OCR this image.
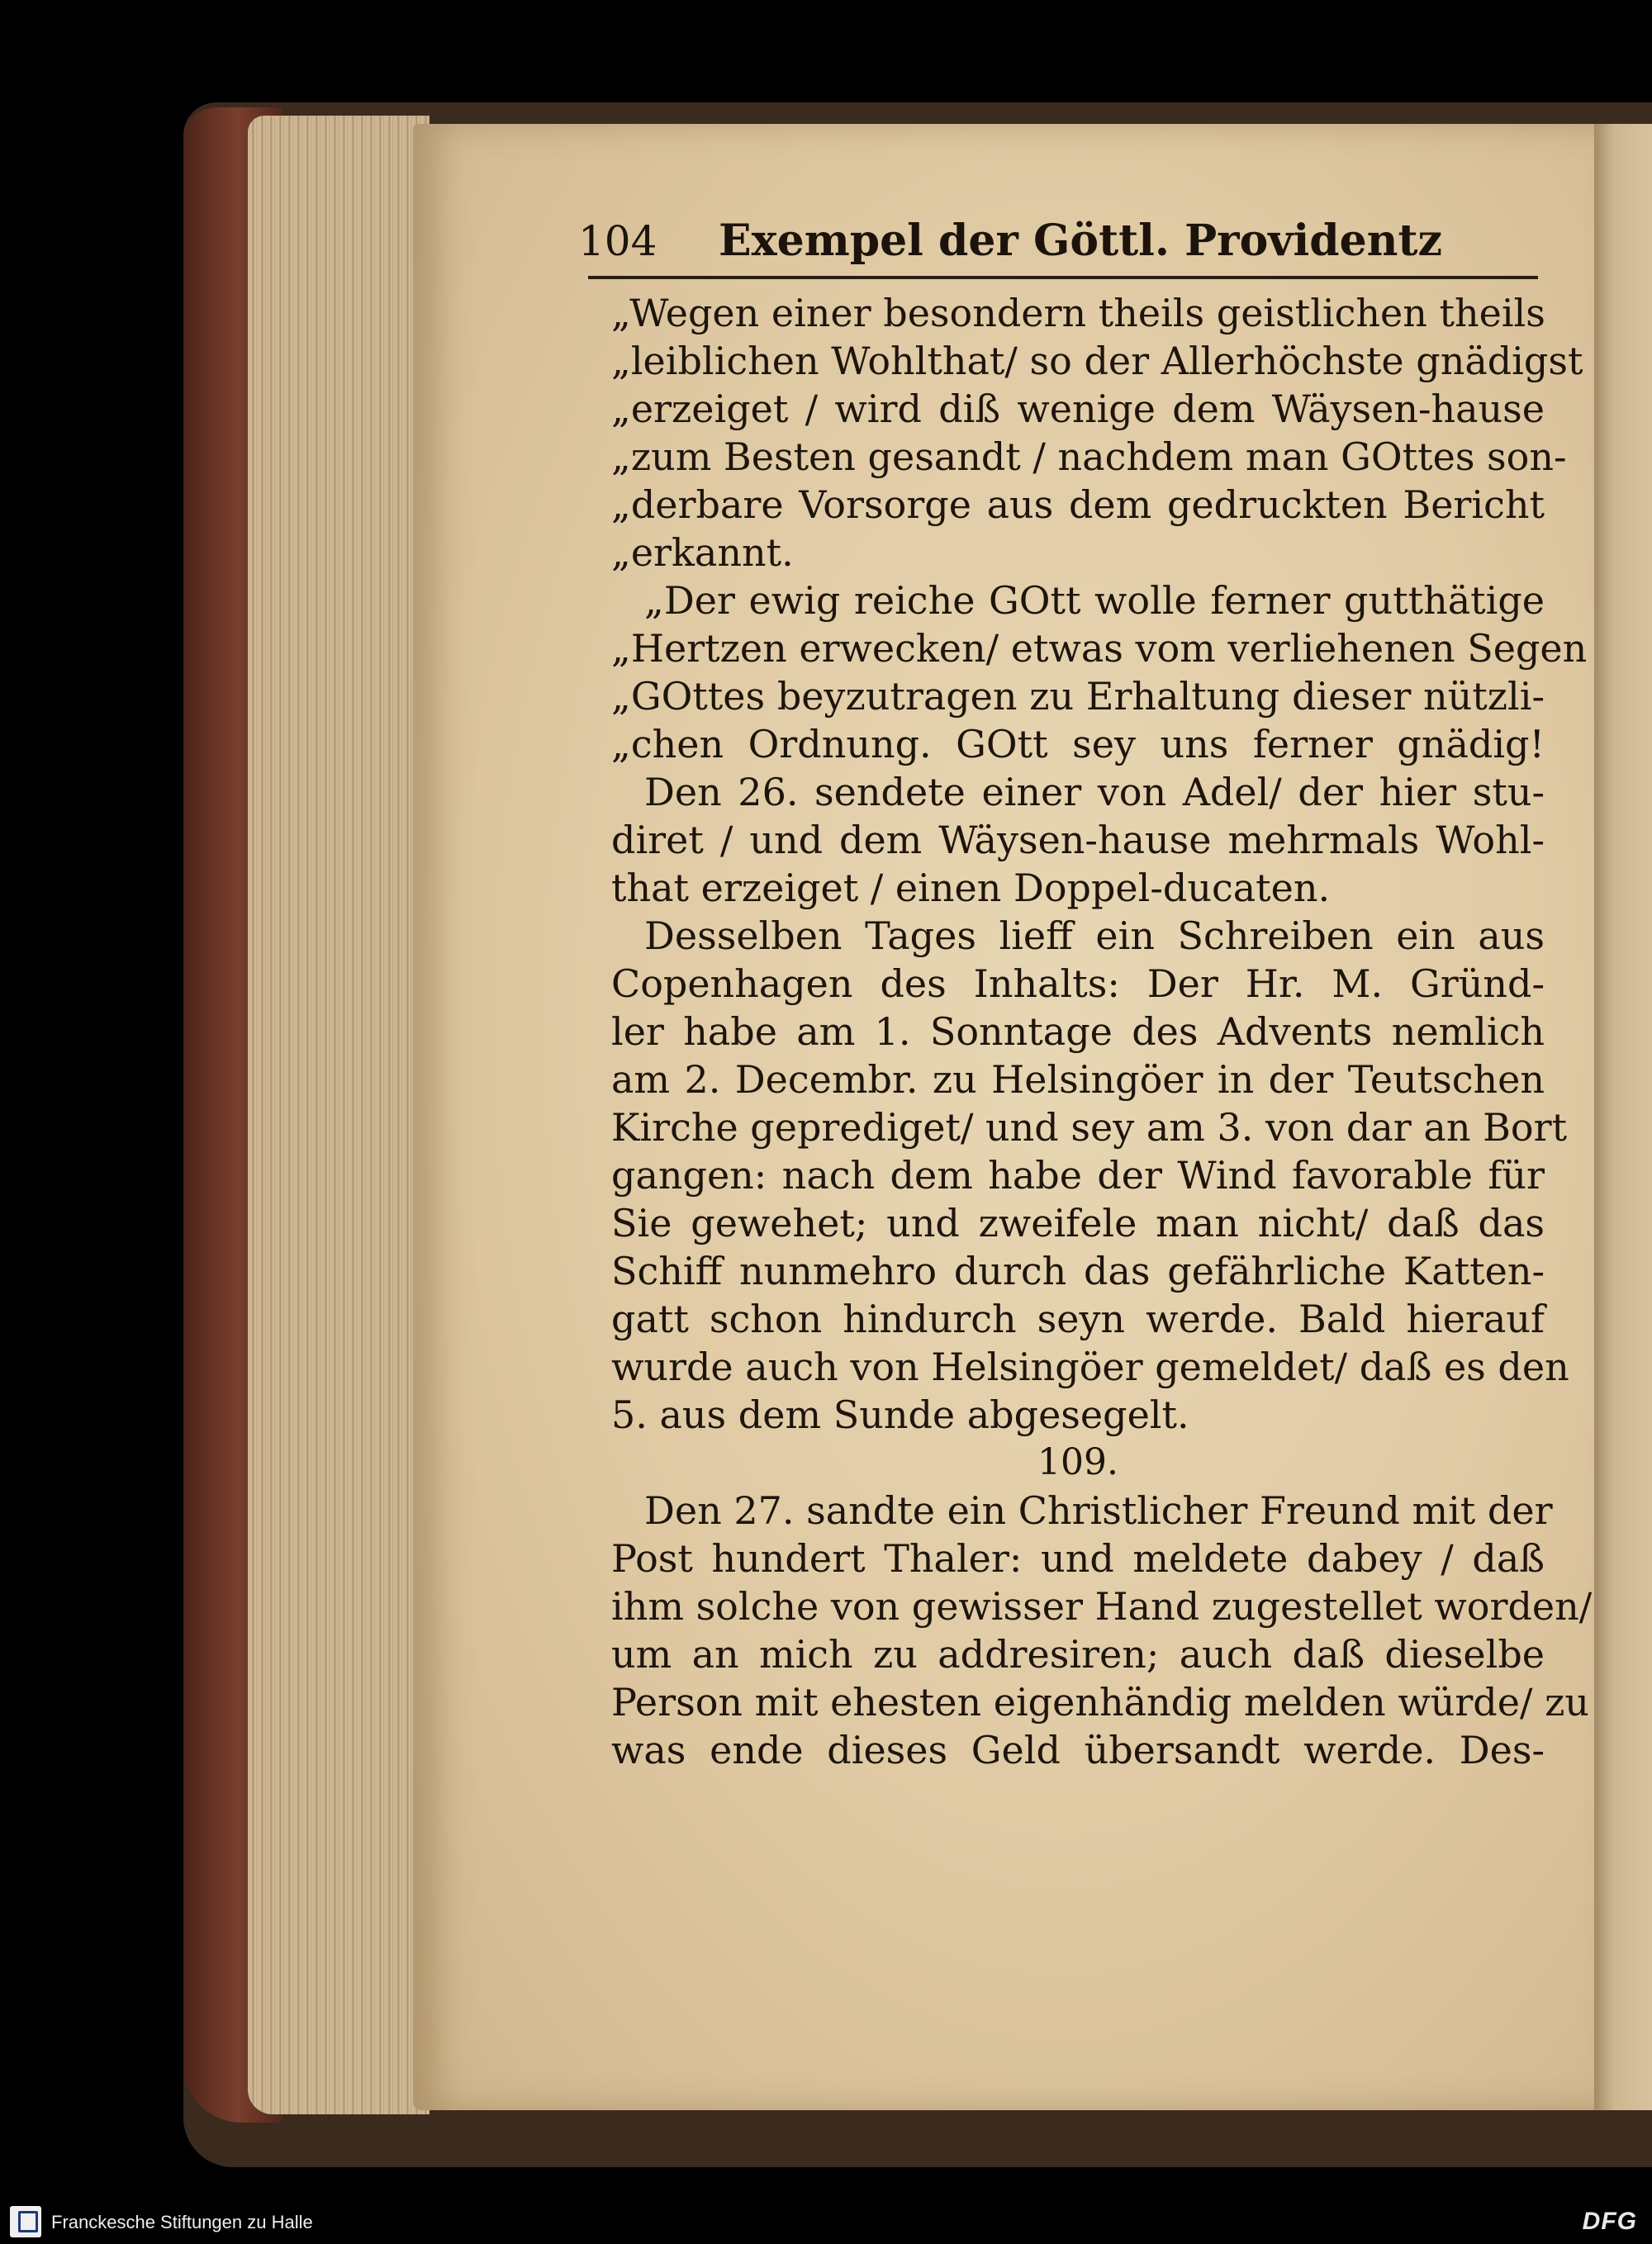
104 Exempel der Göttl. Providentz
„Wegen einer besondern theils geistlichen theils
„leiblichen Wohlthat/ so der Allerhöchste gnädigst
„erzeiget / wird diß wenige dem Wäysen-hause
„zum Besten gesandt / nachdem man GOttes son-
„derbare Vorsorge aus dem gedruckten Bericht
„erkannt.
„Der ewig reiche GOtt wolle ferner gutthätige
„Hertzen erwecken/ etwas vom verliehenen Segen
„GOttes beyzutragen zu Erhaltung dieser nützli-
„chen Ordnung. GOtt sey uns ferner gnädig!
Den 26. sendete einer von Adel/ der hier stu-
diret / und dem Wäysen-hause mehrmals Wohl-
that erzeiget / einen Doppel-ducaten.
Desselben Tages lieff ein Schreiben ein aus
Copenhagen des Inhalts: Der Hr. M. Gründ-
ler habe am 1. Sonntage des Advents nemlich
am 2. Decembr. zu Helsingöer in der Teutschen
Kirche geprediget/ und sey am 3. von dar an Bort
gangen: nach dem habe der Wind favorable für
Sie gewehet; und zweifele man nicht/ daß das
Schiff nunmehro durch das gefährliche Katten-
gatt schon hindurch seyn werde. Bald hierauf
wurde auch von Helsingöer gemeldet/ daß es den
5. aus dem Sunde abgesegelt.
109.
Den 27. sandte ein Christlicher Freund mit der
Post hundert Thaler: und meldete dabey / daß
ihm solche von gewisser Hand zugestellet worden/
um an mich zu addresiren; auch daß dieselbe
Person mit ehesten eigenhändig melden würde/ zu
was ende dieses Geld übersandt werde. Des-
Franckesche Stiftungen zu Halle	DFG
